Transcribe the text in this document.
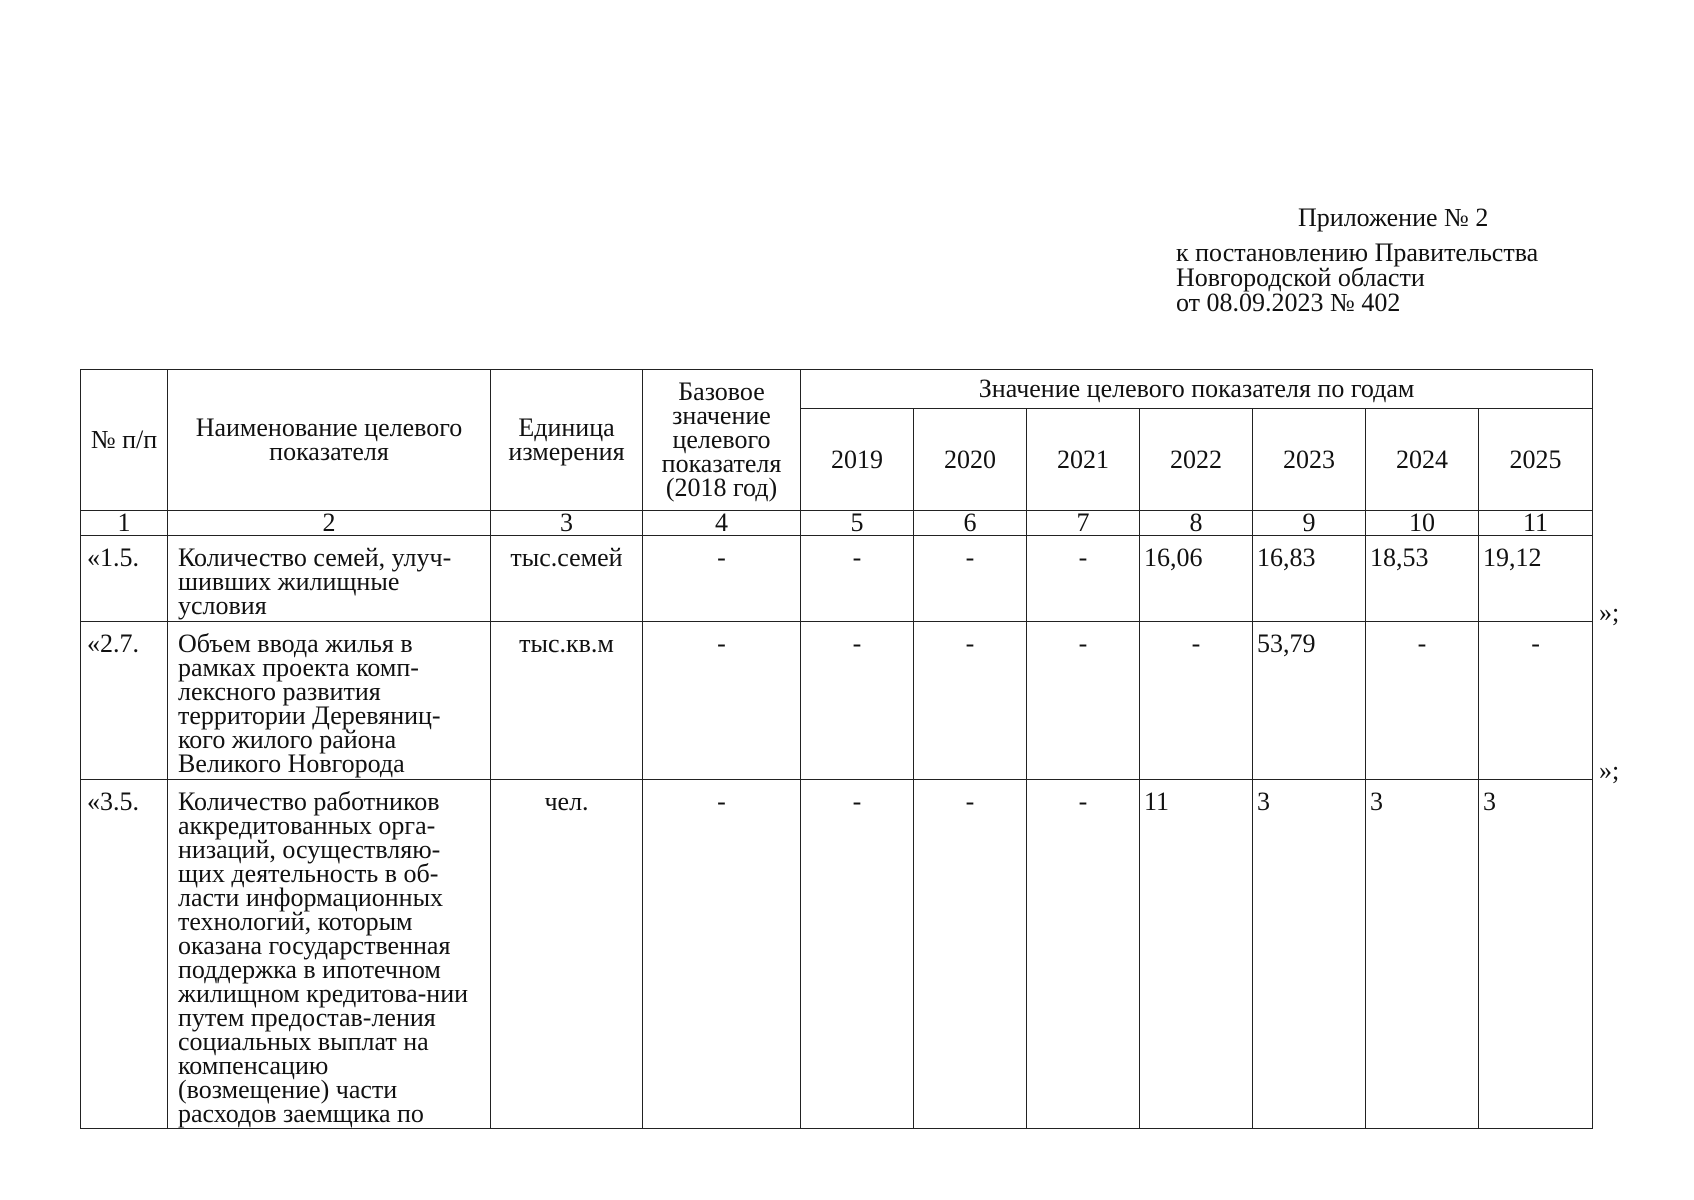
Приложение № 2
к постановлению Правительства
Новгородской области
от 08.09.2023 № 402
№ п/п	Наименование целевого показателя	Единица измерения	Базовое значение целевого показателя (2018 год)	Значение целевого показателя по годам						
				2019	2020	2021	2022	2023	2024	2025
1	2	3	4	5	6	7	8	9	10	11
«1.5.	Количество семей, улуч-шивших жилищные условия	тыс.семей	-	-	-	-	16,06	16,83	18,53	19,12
«2.7.	Объем ввода жилья в рамках проекта комп-лексного развития территории Деревяниц-кого жилого района Великого Новгорода	тыс.кв.м	-	-	-	-	-	53,79	-	-
«3.5.	Количество работников аккредитованных орга-низаций, осуществляю-щих деятельность в об-ласти информационных технологий, которым оказана государственная поддержка в ипотечном жилищном кредитова-нии путем предостав-ления социальных выплат на компенсацию (возмещение) части расходов заемщика по	чел.	-	-	-	-	11	3	3	3
»;
»;
